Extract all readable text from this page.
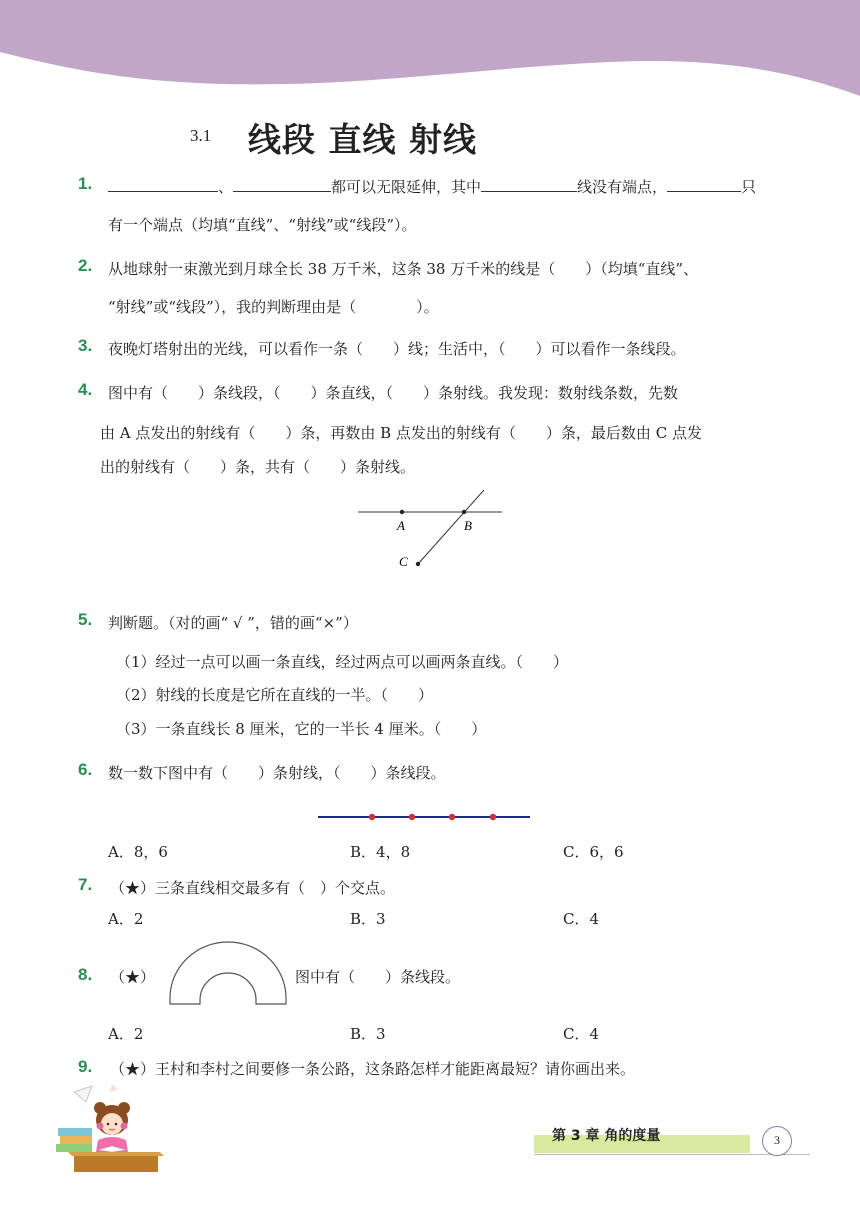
3.1 线段 直线 射线
1.	、	都可以无限延伸，其中	线没有端点，	只
有一个端点（均填“直线”、“射线”或“线段”）。
2. 从地球射一束激光到月球全长 38 万千米，这条 38 万千米的线是（　　）（均填“直线”、
“射线”或“线段”），我的判断理由是（　　　　）。
3. 夜晚灯塔射出的光线，可以看作一条（　　）线；生活中，（　　）可以看作一条线段。
4. 图中有（　　）条线段，（　　）条直线，（　　）条射线。我发现：数射线条数，先数
由 A 点发出的射线有（　　）条，再数由 B 点发出的射线有（　　）条，最后数由 C 点发
出的射线有（　　）条，共有（　　）条射线。
A	B
C
5. 判断题。（对的画“ √ ”，错的画“×”）
（1）经过一点可以画一条直线，经过两点可以画两条直线。（　　）
（2）射线的长度是它所在直线的一半。（　　）
（3）一条直线长 8 厘米，它的一半长 4 厘米。（　　）
6. 数一数下图中有（　　）条射线，（　　）条线段。
A．8，6	B．4，8	C．6，6
7. （★）三条直线相交最多有（　）个交点。
A．2	B．3	C．4
8. （★）	图中有（　　）条线段。
A．2	B．3	C．4
9. （★）王村和李村之间要修一条公路，这条路怎样才能距离最短？请你画出来。
第 3 章 角的度量	3
